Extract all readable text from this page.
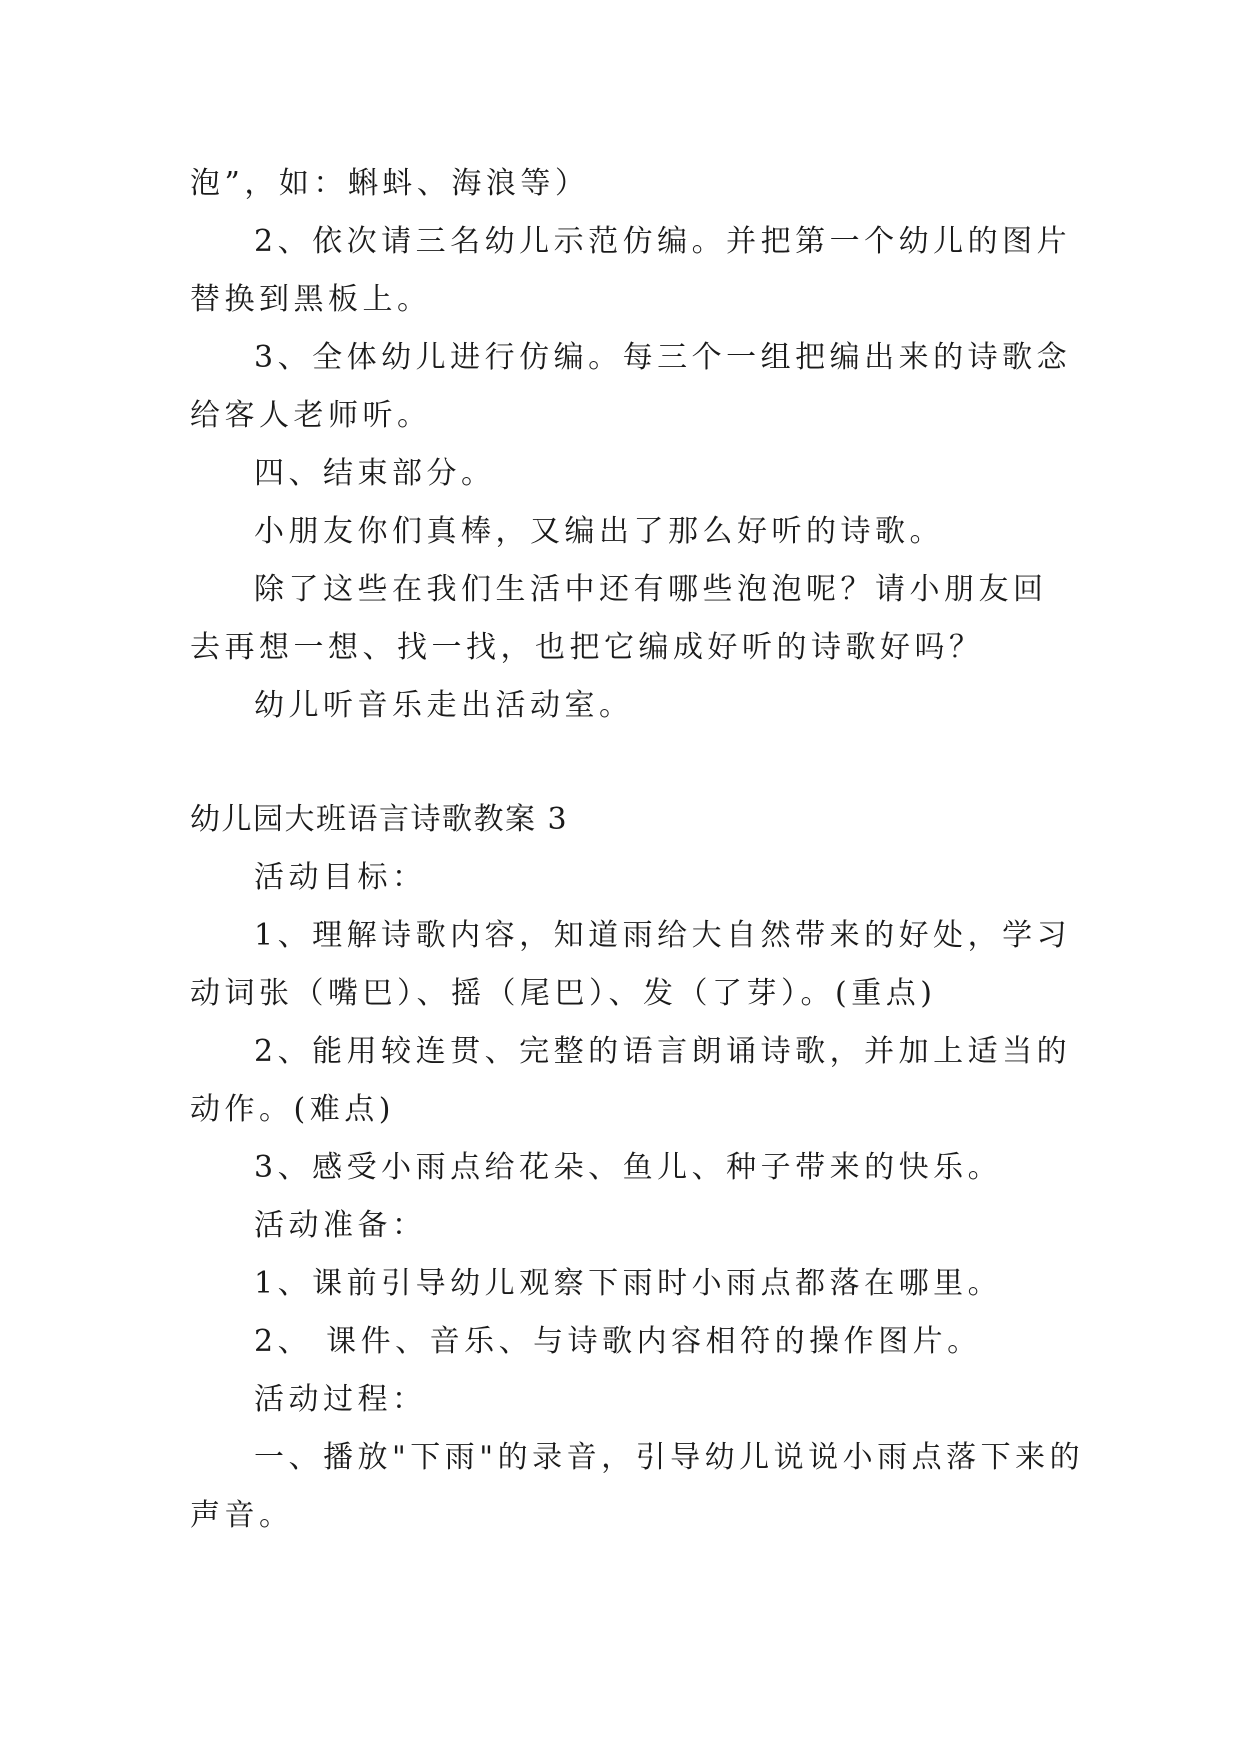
泡”，如：蝌蚪、海浪等）
2、依次请三名幼儿示范仿编。并把第一个幼儿的图片
替换到黑板上。
3、全体幼儿进行仿编。每三个一组把编出来的诗歌念
给客人老师听。
四、结束部分。
小朋友你们真棒，又编出了那么好听的诗歌。
除了这些在我们生活中还有哪些泡泡呢？请小朋友回
去再想一想、找一找，也把它编成好听的诗歌好吗？
幼儿听音乐走出活动室。
幼儿园大班语言诗歌教案 3
活动目标：
1、理解诗歌内容，知道雨给大自然带来的好处，学习
动词张（嘴巴）、摇（尾巴）、发（了芽）。(重点)
2、能用较连贯、完整的语言朗诵诗歌，并加上适当的
动作。(难点)
3、感受小雨点给花朵、鱼儿、种子带来的快乐。
活动准备：
1、课前引导幼儿观察下雨时小雨点都落在哪里。
2、 课件、音乐、与诗歌内容相符的操作图片。
活动过程：
一、播放"下雨"的录音，引导幼儿说说小雨点落下来的
声音。
